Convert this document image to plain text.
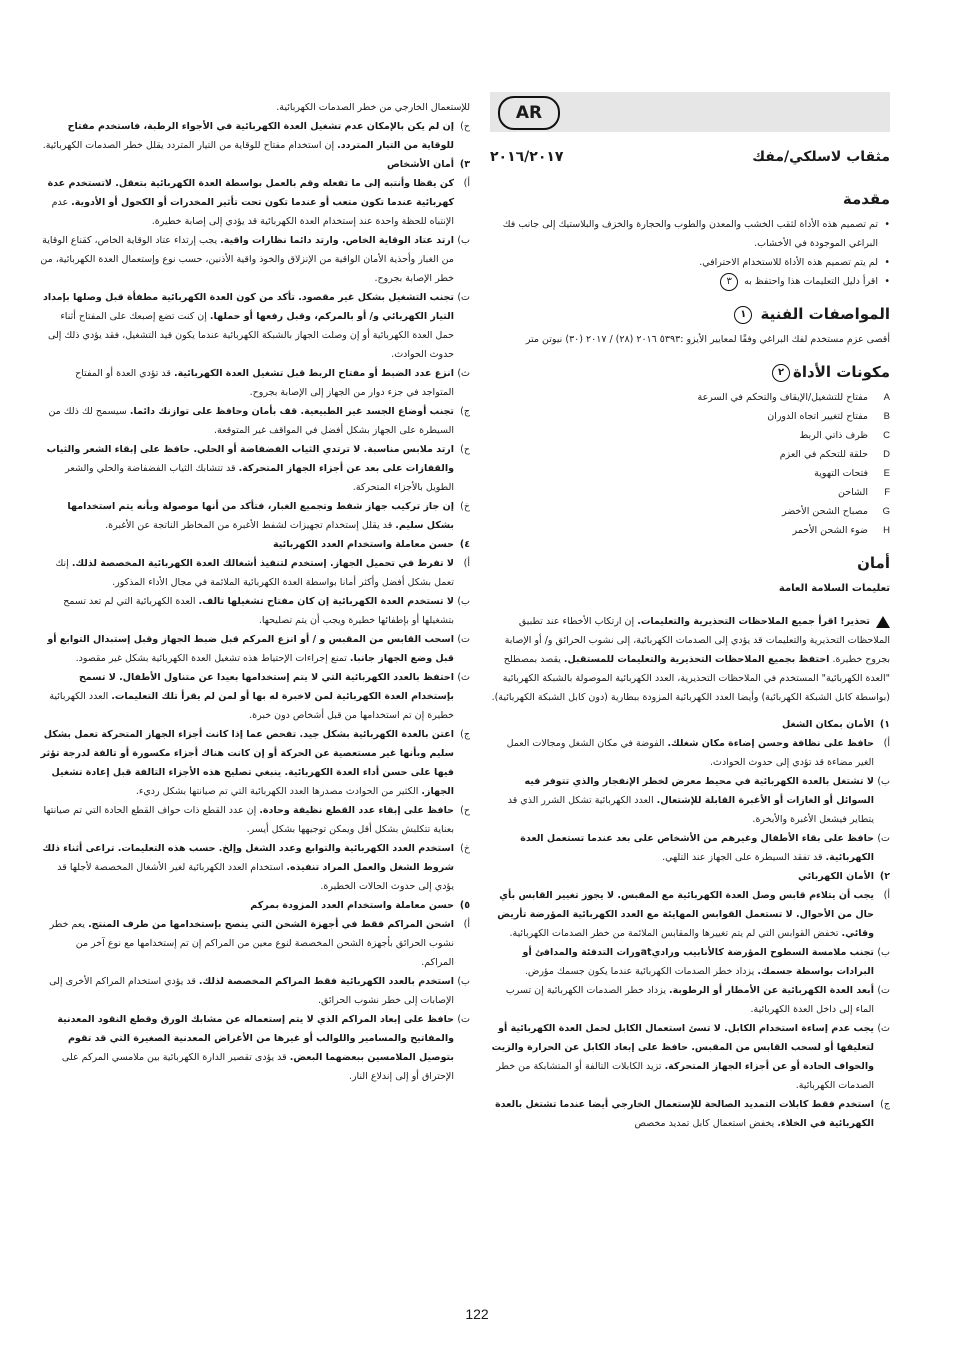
AR
مثقاب لاسلكي/مفك
٢٠١٦/٢٠١٧
مقدمة
• تم تصميم هذه الأداة لثقب الخشب والمعدن والطوب والحجارة والخزف والبلاستيك إلى جانب فك البراغي الموجودة في الأخشاب.
• لم يتم تصميم هذه الأداة للاستخدام الاحترافي.
• اقرأ دليل التعليمات هذا واحتفظ به ٣
المواصفات الفنية ١
أقصى عزم مستخدم لفك البراغي وفقًا لمعايير الأيزو :٥٣٩٣ ٢٠١٦ (٢٨) / ٢٠١٧ (٣٠) نيوتن متر
مكونات الأداة٢
A
مفتاح للتشغيل/الإيقاف والتحكم في السرعة
B
مفتاح لتغيير اتجاه الدوران
C
ظرف ذاتي الربط
D
حلقة للتحكم في العزم
E
فتحات التهوية
F
الشاحن
G
مصباح الشحن الأخضر
H
ضوء الشحن الأحمر
أمان
تعليمات السلامة العامة
تحذير! اقرأ جميع الملاحظات التحذيرية والتعليمات. إن ارتكاب الأخطاء عند تطبيق الملاحظات التحذيرية والتعليمات قد يؤدي إلى الصدمات الكهربائية، إلى نشوب الحرائق و/ أو الإصابة بجروح خطيرة. احتفظ بجميع الملاحظات التحذيرية والتعليمات للمستقبل. يقصد بمصطلح "العدة الكهربائية" المستخدم في الملاحظات التحذيرية، العدد الكهربائية الموصولة بالشبكة الكهربائية (بواسطة كابل الشبكة الكهربائية) وأيضا العدد الكهربائية المزودة ببطارية (دون كابل الشبكة الكهربائية).
١)
الأمان بمكان الشغل
أ)
حافظ على نظافة وحسن إضاءة مكان شغلك. الفوضة في مكان الشغل ومجالات العمل الغير مضاءة قد تؤدي إلى حدوث الحوادث.
ب)
لا تشتغل بالعدة الكهربائية في محيط معرض لخطر الإنفجار والذي تتوفر فيه السوائل أو الغازات أو الأغبرة القابلة للإشتعال. العدد الكهربائية تشكل الشرر الذي قد يتطاير فيشعل الأغبرة والأبخرة.
ت)
حافظ على بقاء الأطفال وغيرهم من الأشخاص على بعد عندما تستعمل العدة الكهربائية. قد تفقد السيطرة على الجهاز عند التلهي.
٢)
الأمان الكهربائي
أ)
يجب أن يتلاءم قابس وصل العدة الكهربائية مع المقبس. لا يجوز تغيير القابس بأي حال من الأحوال. لا تستعمل القوابس المهايئة مع العدد الكهربائية المؤرضة تأريض وقائي. تخفض القوابس التي لم يتم تغييرها والمقابس الملائمة من خطر الصدمات الكهربائية.
ب)
تجنب ملامسة السطوح المؤرضة كالأنابيب وراديatورات التدفئة والمدافئ أو البرادات بواسطة جسمك. يزداد خطر الصدمات الكهربائية عندما يكون جسمك مؤرض.
ت)
أبعد العدة الكهربائية عن الأمطار أو الرطوبة. يزداد خطر الصدمات الكهربائية إن تسرب الماء إلى داخل العدة الكهربائية.
ث)
يجب عدم إساءة استخدام الكابل. لا تسئ استعمال الكابل لحمل العدة الكهربائية أو لتعليقها أو لسحب القابس من المقبس. حافظ على إبعاد الكابل عن الحرارة والزيت والحواف الحادة أو عن أجزاء الجهاز المتحركة. تزيد الكابلات التالفة أو المتشابكة من خطر الصدمات الكهربائية.
ج)
استخدم فقط كابلات التمديد الصالحة للإستعمال الخارجي أيضا عندما تشتغل بالعدة الكهربائية في الخلاء. يخفض استعمال كابل تمديد مخصص
للإستعمال الخارجي من خطر الصدمات الكهربائية.
ح)
إن لم يكن بالإمكان عدم تشغيل العدة الكهربائية في الأجواء الرطبة، فاستخدم مفتاح للوقاية من التيار المتردد. إن استخدام مفتاح للوقاية من التيار المتردد يقلل خطر الصدمات الكهربائية.
٣)
أمان الأشخاص
أ)
كن يقظا وأنتبه إلى ما تفعله وقم بالعمل بواسطة العدة الكهربائية بتعقل. لاتستخدم عدة كهربائية عندما تكون متعب أو عندما تكون تحت تأثير المخدرات أو الكحول أو الأدوية. عدم الإنتباه للحظة واحدة عند إستخدام العدة الكهربائية قد يؤدي إلى إصابة خطيرة.
ب)
ارتد عتاد الوقاية الخاص. وارتد دائما نظارات واقية. يجب إرتداء عتاد الوقاية الخاص، كقناع الوقاية من الغبار وأحذية الأمان الواقية من الإنزلاق والخوذ واقية الأذنين، حسب نوع وإستعمال العدة الكهربائية، من خطر الإصابة بجروح.
ت)
تجنب التشغيل بشكل غير مقصود. تأكد من كون العدة الكهربائية مطفأة قبل وصلها بإمداد التيار الكهربائي و/ أو بالمركم، وقبل رفعها أو حملها. إن كنت تضع إصبعك على المفتاح أثناء حمل العدة الكهربائية أو إن وصلت الجهاز بالشبكة الكهربائية عندما يكون قيد التشغيل، فقد يؤدي ذلك إلى حدوث الحوادث.
ث)
انزع عدد الضبط أو مفتاح الربط قبل تشغيل العدة الكهربائية. قد تؤدي العدة أو المفتاح المتواجد في جزء دوار من الجهاز إلى الإصابة بجروح.
ج)
تجنب أوضاع الجسد غير الطبيعية. قف بأمان وحافظ على توازنك دائما. سيسمح لك ذلك من السيطرة على الجهاز بشكل أفضل في المواقف غير المتوقعة.
ح)
ارتد ملابس مناسبة. لا ترتدي الثياب الفضفاضة أو الحلي. حافظ على إبقاء الشعر والثياب والقفازات على بعد عن أجزاء الجهاز المتحركة. قد تتشابك الثياب الفضفاضة والحلي والشعر الطويل بالأجزاء المتحركة.
خ)
إن جاز تركيب جهاز شفط وتجميع الغبار، فتأكد من أنها موصولة وبأنه يتم استخدامها بشكل سليم. قد يقلل إستخدام تجهيزات لشفط الأغبرة من المخاطر الناتجة عن الأغبرة.
٤)
حسن معاملة واستخدام العدد الكهربائية
أ)
لا تفرط في تحميل الجهاز. إستخدم لتنفيذ أشغالك العدة الكهربائية المخصصة لذلك. إنك تعمل بشكل أفضل وأكثر أمانا بواسطة العدة الكهربائية الملائمة في مجال الأداء المذكور.
ب)
لا تستخدم العدة الكهربائية إن كان مفتاح تشغيلها تالف. العدة الكهربائية التي لم تعد تسمح بتشغيلها أو بإطفائها خطيرة ويجب أن يتم تصليحها.
ت)
اسحب القابس من المقبس و / أو انزع المركم قبل ضبط الجهاز وقبل إستبدال التوابع أو قبل وضع الجهاز جانبا. تمنع إجراءات الإحتياط هذه تشغيل العدة الكهربائية بشكل غير مقصود.
ث)
احتفظ بالعدد الكهربائية التي لا يتم إستخدامها بعيدا عن متناول الأطفال. لا تسمح بإستخدام العدة الكهربائية لمن لاخبرة له بها أو لمن لم يقرأ تلك التعليمات. العدد الكهربائية خطيرة إن تم استخدامها من قبل أشخاص دون خبرة.
ج)
اعتن بالعدة الكهربائية بشكل جيد. تفحص عما إذا كانت أجزاء الجهاز المتحركة تعمل بشكل سليم وبأنها غير مستعصية عن الحركة أو إن كانت هناك أجزاء مكسورة أو تالفة لدرجة تؤثر فيها على حسن أداء العدة الكهربائية. ينبغي تصليح هذه الأجزاء التالفة قبل إعادة تشغيل الجهاز. الكثير من الحوادث مصدرها العدد الكهربائية التي تم صيانتها بشكل رديء.
ح)
حافظ على إبقاء عدد القطع نظيفة وحادة. إن عدد القطع ذات حواف القطع الحادة التي تم صيانتها بعناية تتكلبش بشكل أقل ويمكن توجيهها بشكل أيسر.
خ)
استخدم العدد الكهربائية والتوابع وعدد الشغل وإلخ. حسب هذه التعليمات. تراعى أثناء ذلك شروط الشغل والعمل المراد تنفيذه. استخدام العدد الكهربائية لغير الأشغال المخصصة لأجلها قد يؤدي إلى حدوث الحالات الخطيرة.
٥)
حسن معاملة واستخدام العدد المزودة بمركم
أ)
اشحن المراكم فقط في أجهزة الشحن التي ينصح بإستخدامها من طرف المنتج. يعم خطر نشوب الحرائق بأجهزة الشحن المخصصة لنوع معين من المراكم إن تم إستخدامها مع نوع آخر من المراكم.
ب)
استخدم بالعدد الكهربائية فقط المراكم المخصصة لذلك. قد يؤدي استخدام المراكم الأخرى إلى الإصابات إلى خطر نشوب الحرائق.
ت)
حافظ على إبعاد المراكم الذي لا يتم إستعماله عن مشابك الورق وقطع النقود المعدنية والمفاتيح والمسامير واللوالب أو غيرها من الأغراض المعدنية الصغيرة التي قد تقوم بتوصيل الملامسين ببعضهما البعض. قد يؤدى تقصير الدارة الكهربائية بين ملامسي المركم على الإحتراق أو إلى إندلاع النار.
122
